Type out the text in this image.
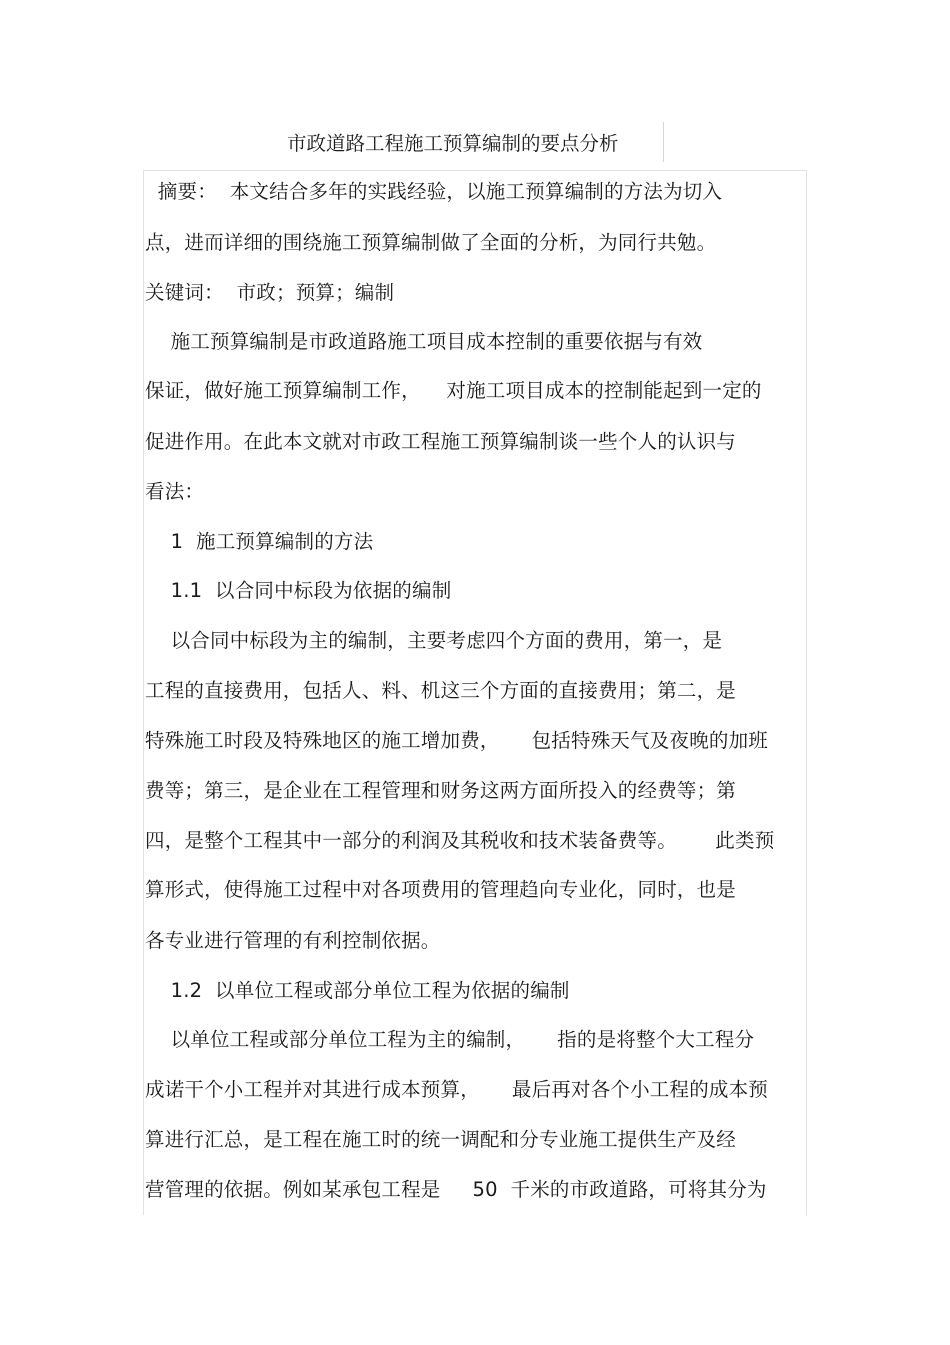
市政道路工程施工预算编制的要点分析
摘要：  本文结合多年的实践经验，以施工预算编制的方法为切入
点，进而详细的围绕施工预算编制做了全面的分析，为同行共勉。
关键词：  市政；预算；编制
施工预算编制是市政道路施工项目成本控制的重要依据与有效
保证，做好施工预算编制工作，    对施工项目成本的控制能起到一定的
促进作用。在此本文就对市政工程施工预算编制谈一些个人的认识与
看法：
1  施工预算编制的方法
1.1  以合同中标段为依据的编制
以合同中标段为主的编制，主要考虑四个方面的费用，第一，是
工程的直接费用，包括人、料、机这三个方面的直接费用；第二，是
特殊施工时段及特殊地区的施工增加费，     包括特殊天气及夜晚的加班
费等；第三，是企业在工程管理和财务这两方面所投入的经费等；第
四，是整个工程其中一部分的利润及其税收和技术装备费等。      此类预
算形式，使得施工过程中对各项费用的管理趋向专业化，同时，也是
各专业进行管理的有利控制依据。
1.2  以单位工程或部分单位工程为依据的编制
以单位工程或部分单位工程为主的编制，     指的是将整个大工程分
成诺干个小工程并对其进行成本预算，     最后再对各个小工程的成本预
算进行汇总，是工程在施工时的统一调配和分专业施工提供生产及经
营管理的依据。例如某承包工程是     50  千米的市政道路，可将其分为
